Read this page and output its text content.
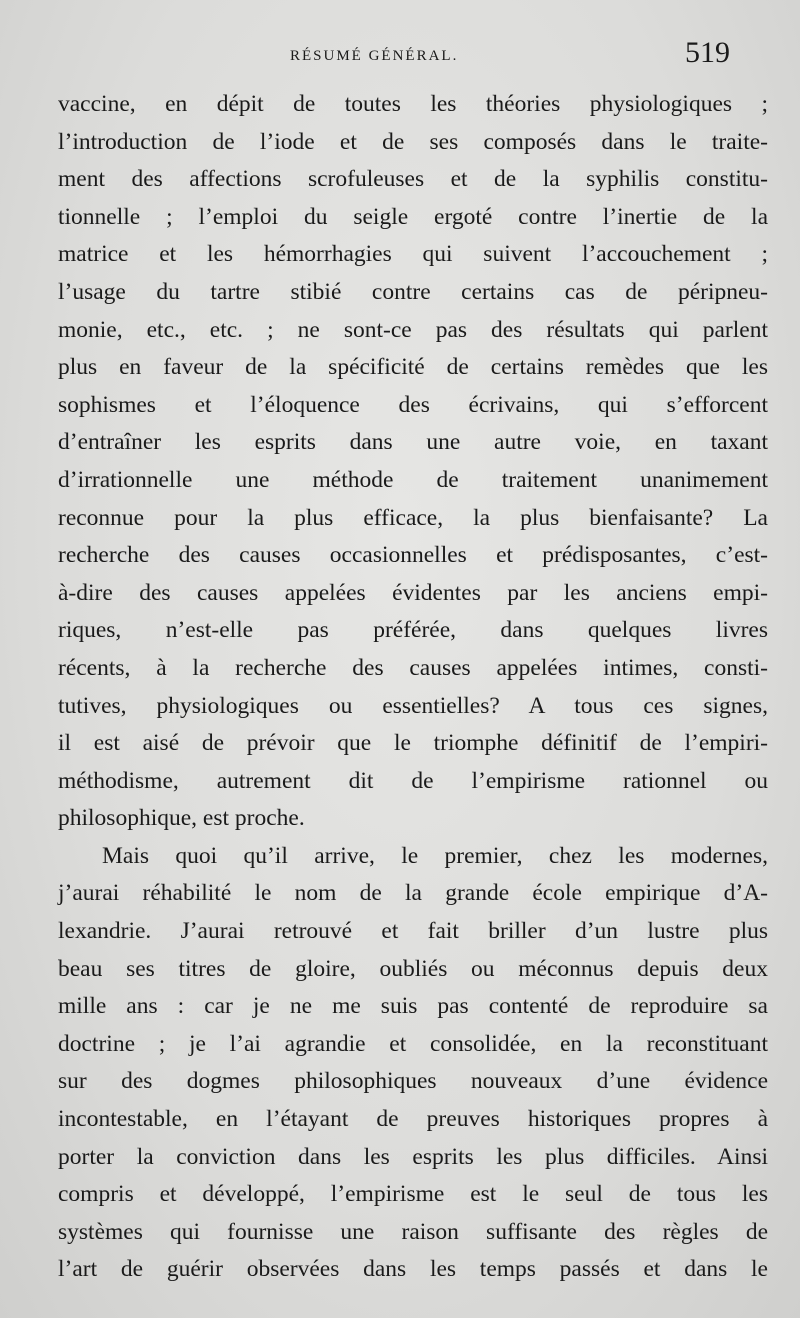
RÉSUMÉ GÉNÉRAL.	519
vaccine, en dépit de toutes les théories physiologiques ;
l’introduction de l’iode et de ses composés dans le traite-
ment des affections scrofuleuses et de la syphilis constitu-
tionnelle ; l’emploi du seigle ergoté contre l’inertie de la
matrice et les hémorrhagies qui suivent l’accouchement ;
l’usage du tartre stibié contre certains cas de péripneu-
monie, etc., etc. ; ne sont-ce pas des résultats qui parlent
plus en faveur de la spécificité de certains remèdes que les
sophismes et l’éloquence des écrivains, qui s’efforcent
d’entraîner les esprits dans une autre voie, en taxant
d’irrationnelle une méthode de traitement unanimement
reconnue pour la plus efficace, la plus bienfaisante? La
recherche des causes occasionnelles et prédisposantes, c’est-
à-dire des causes appelées évidentes par les anciens empi-
riques, n’est-elle pas préférée, dans quelques livres
récents, à la recherche des causes appelées intimes, consti-
tutives, physiologiques ou essentielles? A tous ces signes,
il est aisé de prévoir que le triomphe définitif de l’empiri-
méthodisme, autrement dit de l’empirisme rationnel ou
philosophique, est proche.
Mais quoi qu’il arrive, le premier, chez les modernes,
j’aurai réhabilité le nom de la grande école empirique d’A-
lexandrie. J’aurai retrouvé et fait briller d’un lustre plus
beau ses titres de gloire, oubliés ou méconnus depuis deux
mille ans : car je ne me suis pas contenté de reproduire sa
doctrine ; je l’ai agrandie et consolidée, en la reconstituant
sur des dogmes philosophiques nouveaux d’une évidence
incontestable, en l’étayant de preuves historiques propres à
porter la conviction dans les esprits les plus difficiles. Ainsi
compris et développé, l’empirisme est le seul de tous les
systèmes qui fournisse une raison suffisante des règles de
l’art de guérir observées dans les temps passés et dans le
